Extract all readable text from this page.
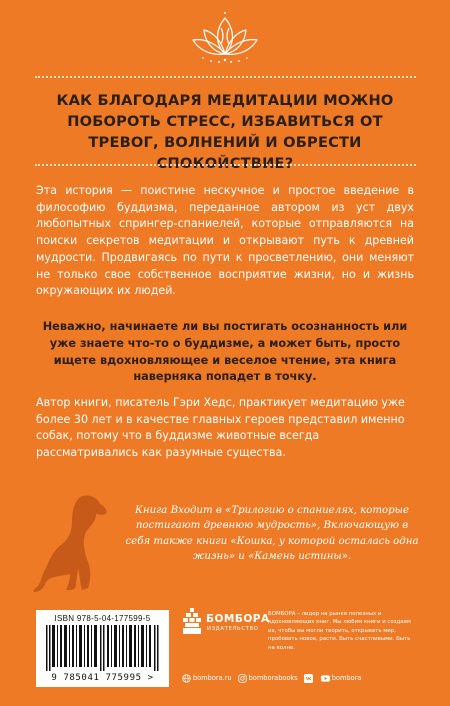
КАК БЛАГОДАРЯ МЕДИТАЦИИ МОЖНО ПОБОРОТЬ СТРЕСС, ИЗБАВИТЬСЯ ОТ ТРЕВОГ, ВОЛНЕНИЙ И ОБРЕСТИ СПОКОЙСТВИЕ?
Эта история — поистине нескучное и простое введение в философию буддизма, переданное автором из уст двух любопытных спрингер-спаниелей, которые отправляются на поиски секретов медитации и открывают путь к древней мудрости. Продвигаясь по пути к просветлению, они меняют не только свое собственное восприятие жизни, но и жизнь окружающих их людей.
Неважно, начинаете ли вы постигать осознанность или уже знаете что-то о буддизме, а может быть, просто ищете вдохновляющее и веселое чтение, эта книга наверняка попадет в точку.
Автор книги, писатель Гэри Хедс, практикует медитацию уже более 30 лет и в качестве главных героев представил именно собак, потому что в буддизме животные всегда рассматривались как разумные существа.
Книга Входит в «Трилогию о спаниелях, которые постигают древнюю мудрость», Включающую в себя также книги «Кошка, у которой осталась одна жизнь» и «Камень истины».
ISBN 978-5-04-177599-5
9 785041 775995 >
БОМБОРА
ИЗДАТЕЛЬСТВО
БОМБОРА – лидер на рынке полезных и вдохновляющих книг. Мы любим книги и создаем их, чтобы вы могли творить, открывать мир, пробовать новое, расти. Быть счастливыми. Быть на волне.
bombora.ru	bomborabooks	bombora
